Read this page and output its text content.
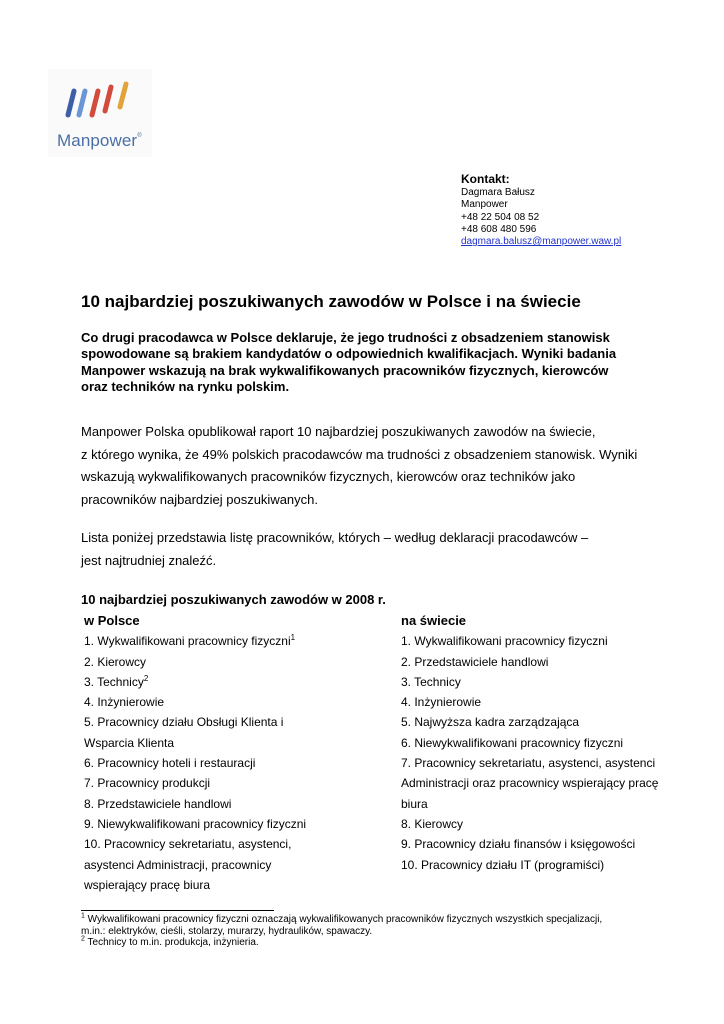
Manpower®
Kontakt:
Dagmara Bałusz
Manpower
+48 22 504 08 52
+48 608 480 596
dagmara.balusz@manpower.waw.pl
10 najbardziej poszukiwanych zawodów w Polsce i na świecie
Co drugi pracodawca w Polsce deklaruje, że jego trudności z obsadzeniem stanowisk
spowodowane są brakiem kandydatów o odpowiednich kwalifikacjach. Wyniki badania
Manpower wskazują na brak wykwalifikowanych pracowników fizycznych, kierowców
oraz techników na rynku polskim.
Manpower Polska opublikował raport 10 najbardziej poszukiwanych zawodów na świecie,
z którego wynika, że 49% polskich pracodawców ma trudności z obsadzeniem stanowisk. Wyniki
wskazują wykwalifikowanych pracowników fizycznych, kierowców oraz techników jako
pracowników najbardziej poszukiwanych.
Lista poniżej przedstawia listę pracowników, których – według deklaracji pracodawców –
jest najtrudniej znaleźć.
10 najbardziej poszukiwanych zawodów w 2008 r.
w Polsce
1. Wykwalifikowani pracownicy fizyczni$^1$
2. Kierowcy
3. Technicy$^2$
4. Inżynierowie
5. Pracownicy działu Obsługi Klienta i
Wsparcia Klienta
6. Pracownicy hoteli i restauracji
7. Pracownicy produkcji
8. Przedstawiciele handlowi
9. Niewykwalifikowani pracownicy fizyczni
10. Pracownicy sekretariatu, asystenci,
asystenci Administracji, pracownicy
wspierający pracę biura
na świecie
1. Wykwalifikowani pracownicy fizyczni
2. Przedstawiciele handlowi
3. Technicy
4. Inżynierowie
5. Najwyższa kadra zarządzająca
6. Niewykwalifikowani pracownicy fizyczni
7. Pracownicy sekretariatu, asystenci, asystenci
Administracji oraz pracownicy wspierający pracę
biura
8. Kierowcy
9. Pracownicy działu finansów i księgowości
10. Pracownicy działu IT (programiści)
$^1$ Wykwalifikowani pracownicy fizyczni oznaczają wykwalifikowanych pracowników fizycznych wszystkich specjalizacji,
m.in.: elektryków, cieśli, stolarzy, murarzy, hydraulików, spawaczy.
$^2$ Technicy to m.in. produkcja, inżynieria.
